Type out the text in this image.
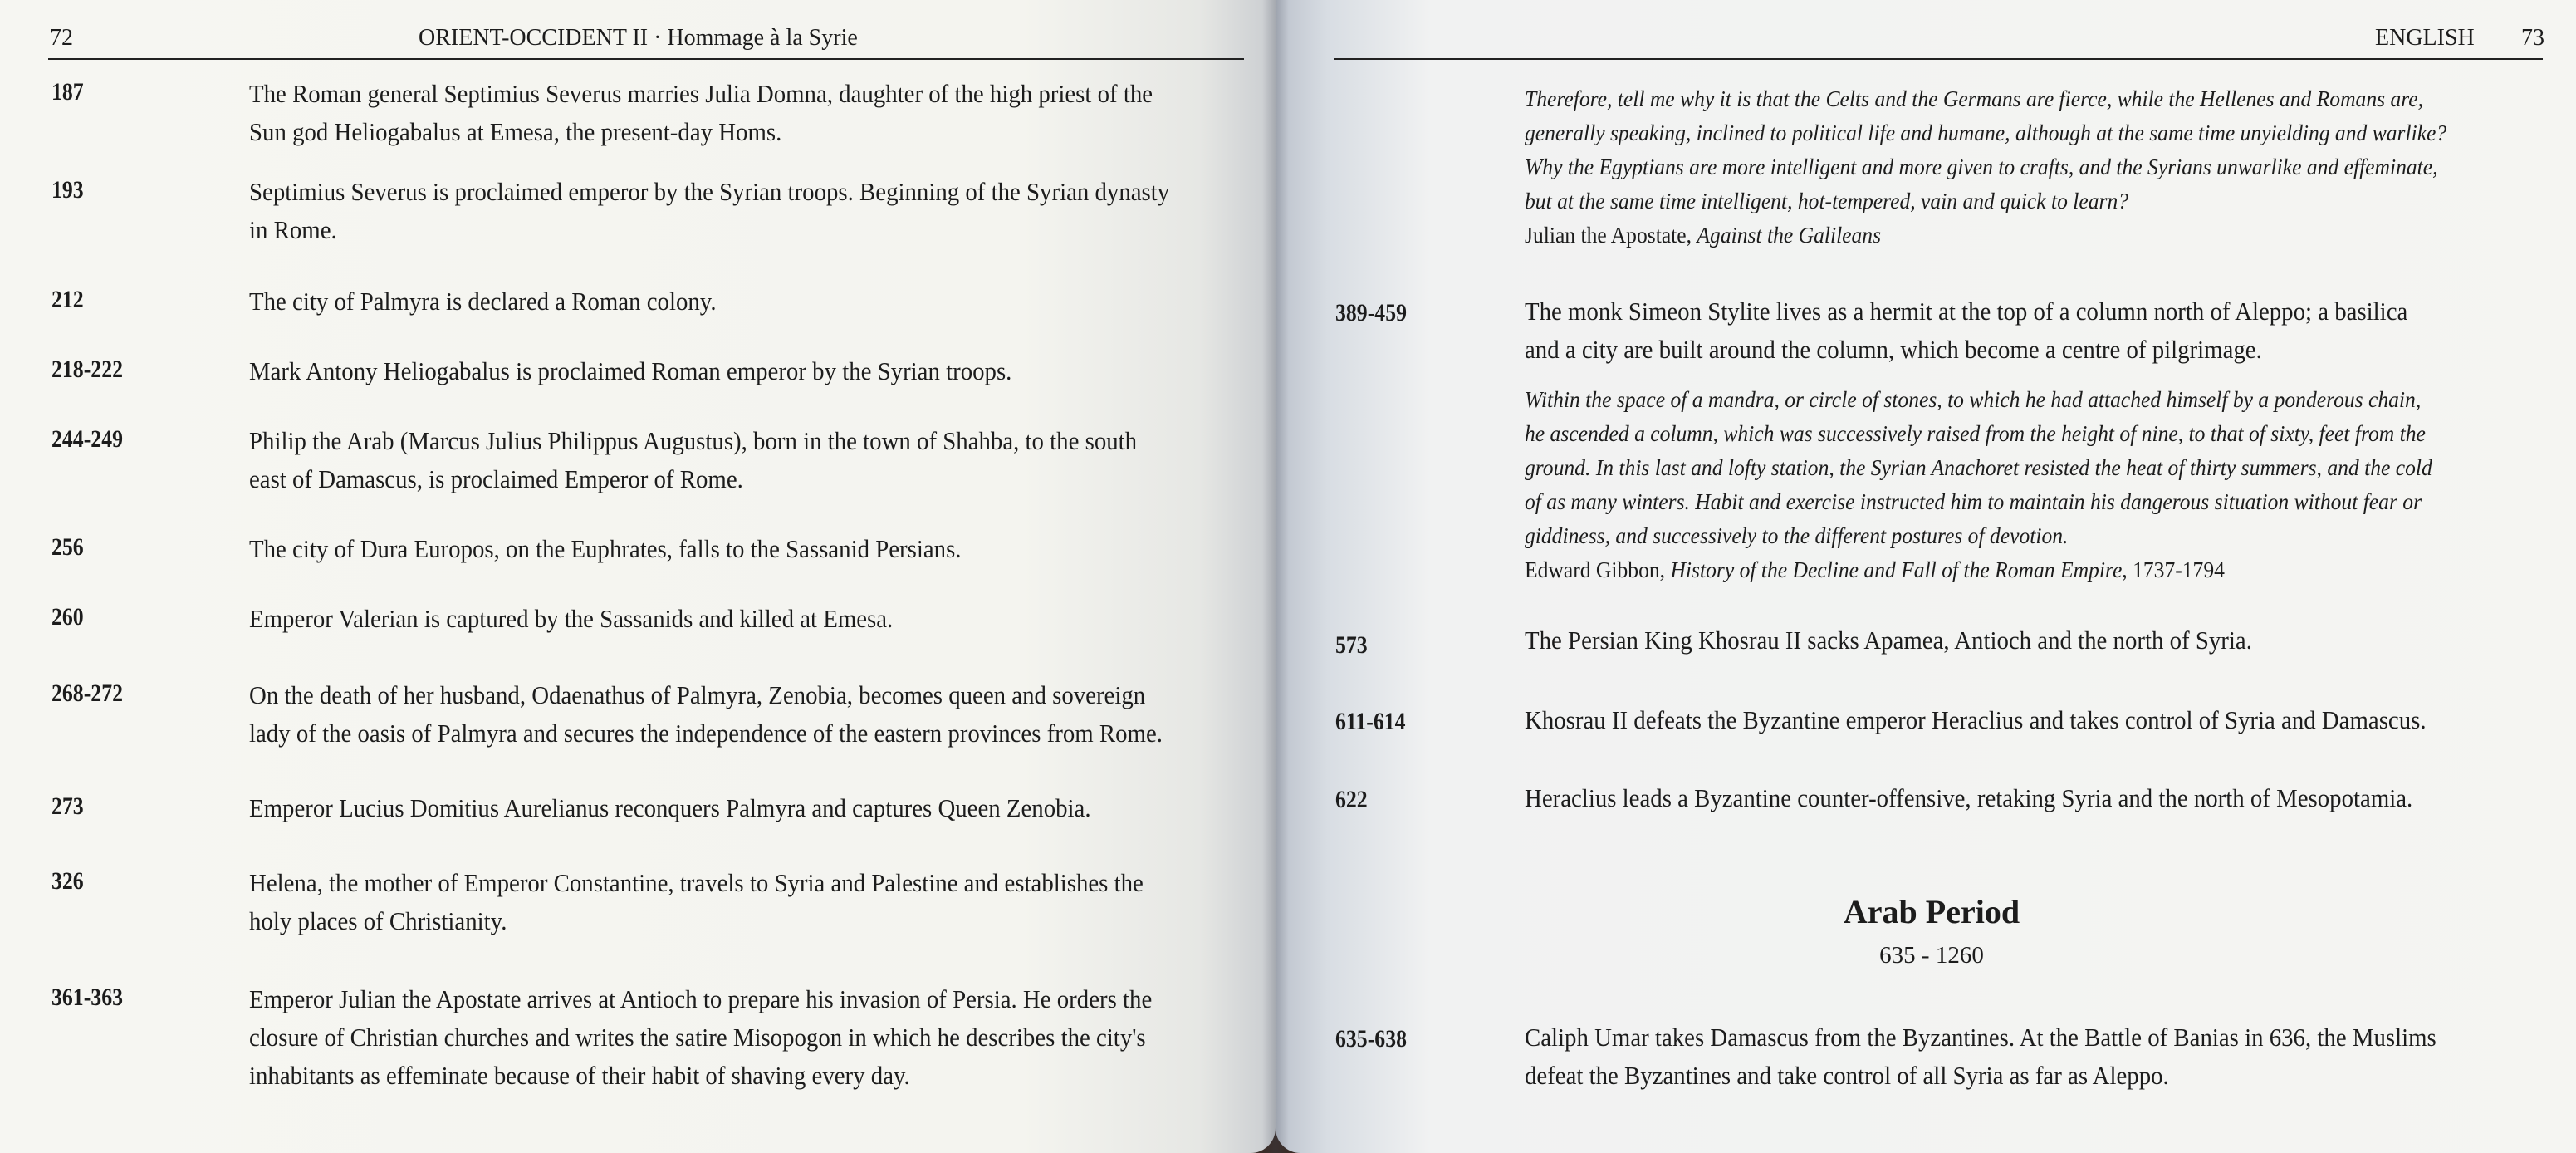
72	ORIENT-OCCIDENT II · Hommage à la Syrie
187	The Roman general Septimius Severus marries Julia Domna, daughter of the high priest of the
Sun god Heliogabalus at Emesa, the present-day Homs.
193	Septimius Severus is proclaimed emperor by the Syrian troops. Beginning of the Syrian dynasty
in Rome.
212	The city of Palmyra is declared a Roman colony.
218-222	Mark Antony Heliogabalus is proclaimed Roman emperor by the Syrian troops.
244-249	Philip the Arab (Marcus Julius Philippus Augustus), born in the town of Shahba, to the south
east of Damascus, is proclaimed Emperor of Rome.
256	The city of Dura Europos, on the Euphrates, falls to the Sassanid Persians.
260	Emperor Valerian is captured by the Sassanids and killed at Emesa.
268-272	On the death of her husband, Odaenathus of Palmyra, Zenobia, becomes queen and sovereign
lady of the oasis of Palmyra and secures the independence of the eastern provinces from Rome.
273	Emperor Lucius Domitius Aurelianus reconquers Palmyra and captures Queen Zenobia.
326	Helena, the mother of Emperor Constantine, travels to Syria and Palestine and establishes the
holy places of Christianity.
361-363	Emperor Julian the Apostate arrives at Antioch to prepare his invasion of Persia. He orders the
closure of Christian churches and writes the satire Misopogon in which he describes the city's
inhabitants as effeminate because of their habit of shaving every day.
ENGLISH 73
Therefore, tell me why it is that the Celts and the Germans are fierce, while the Hellenes and Romans are,
generally speaking, inclined to political life and humane, although at the same time unyielding and warlike?
Why the Egyptians are more intelligent and more given to crafts, and the Syrians unwarlike and effeminate,
but at the same time intelligent, hot-tempered, vain and quick to learn?
Julian the Apostate, Against the Galileans
389-459	The monk Simeon Stylite lives as a hermit at the top of a column north of Aleppo; a basilica
and a city are built around the column, which become a centre of pilgrimage.
Within the space of a mandra, or circle of stones, to which he had attached himself by a ponderous chain,
he ascended a column, which was successively raised from the height of nine, to that of sixty, feet from the
ground. In this last and lofty station, the Syrian Anachoret resisted the heat of thirty summers, and the cold
of as many winters. Habit and exercise instructed him to maintain his dangerous situation without fear or
giddiness, and successively to the different postures of devotion.
Edward Gibbon, History of the Decline and Fall of the Roman Empire, 1737-1794
573	The Persian King Khosrau II sacks Apamea, Antioch and the north of Syria.
611-614	Khosrau II defeats the Byzantine emperor Heraclius and takes control of Syria and Damascus.
622	Heraclius leads a Byzantine counter-offensive, retaking Syria and the north of Mesopotamia.
Arab Period
635 - 1260
635-638	Caliph Umar takes Damascus from the Byzantines. At the Battle of Banias in 636, the Muslims
defeat the Byzantines and take control of all Syria as far as Aleppo.
